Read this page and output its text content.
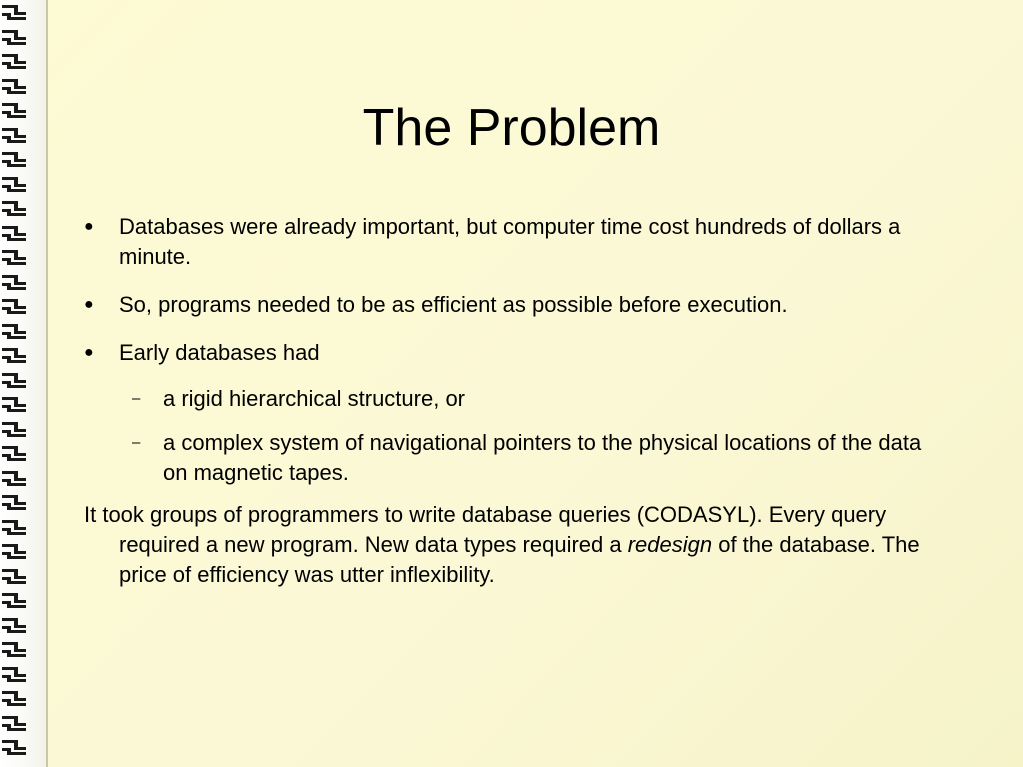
The Problem
● Databases were already important, but computer time cost hundreds of dollars a minute.
● So, programs needed to be as efficient as possible before execution.
● Early databases had
– a rigid hierarchical structure, or
– a complex system of navigational pointers to the physical locations of the data on magnetic tapes.
It took groups of programmers to write database queries (CODASYL). Every query required a new program. New data types required a redesign of the database. The price of efficiency was utter inflexibility.
